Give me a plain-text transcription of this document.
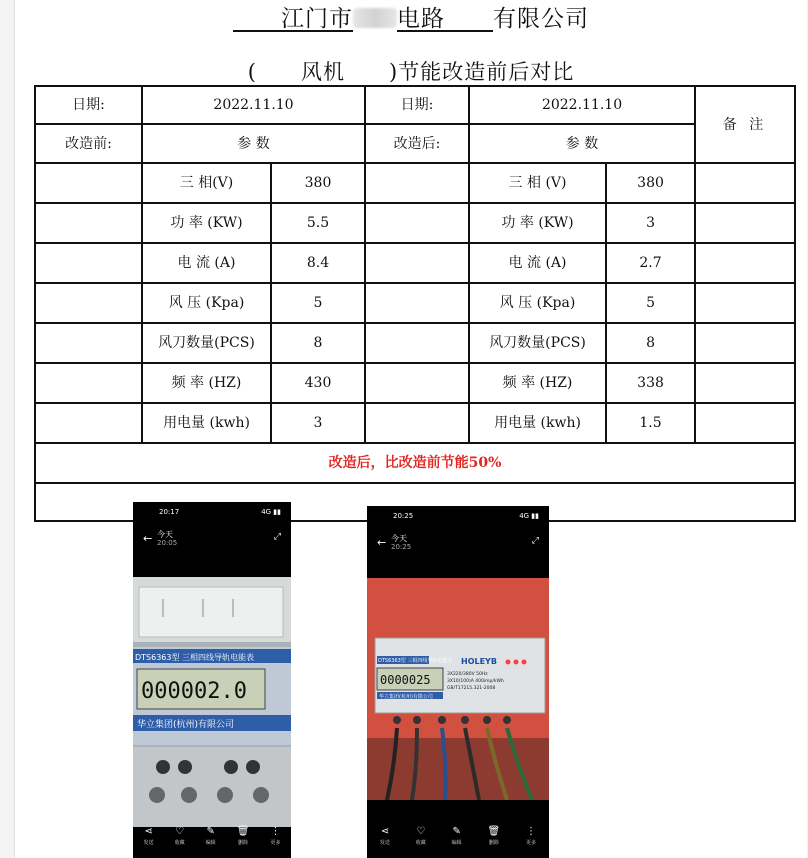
  江门市 电路   有限公司
(   风机   )节能改造前后对比
日期:	2022.11.10		日期:	2022.11.10		备 注
改造前:	参 数		改造后:	参 数		
	三 相(V)	380		三 相 (V)	380	
	功 率 (KW)	5.5		功 率 (KW)	3	
	电 流 (A)	8.4		电 流 (A)	2.7	
	风 压 (Kpa)	5		风 压 (Kpa)	5	
	风刀数量(PCS)	8		风刀数量(PCS)	8	
	频 率 (HZ)	430		频 率 (HZ)	338	
	用电量 (kwh)	3		用电量 (kwh)	1.5	
改造后，比改造前节能50%						

20:17	4G ▮▮
← 今天
20:05
⤢
DTS6363型 三相四线导轨电能表
000002.0
华立集团(杭州)有限公司
⋖
发送
♡
收藏
✎
编辑
🗑
删除
⋮
更多
20:25	4G ▮▮
← 今天
20:25
⤢
DTS6363型 三相四线导轨电能表 HOLEYB
0000025	3X220/380V 50Hz
3X10(100)A 400imp/kWh
GB/T17215.321-2008
华立集团(杭州)有限公司
⋖
发送
♡
收藏
✎
编辑
🗑
删除
⋮
更多
